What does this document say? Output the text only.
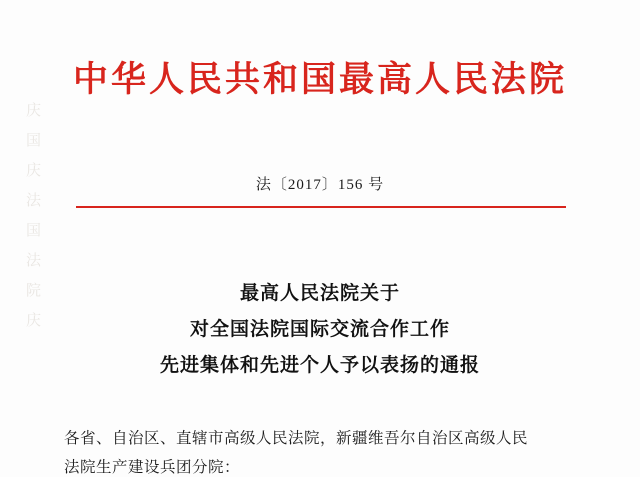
庆
国
庆
法
国
法
院
庆
中华人民共和国最高人民法院
法〔2017〕156 号
最高人民法院关于
对全国法院国际交流合作工作
先进集体和先进个人予以表扬的通报

各省、自治区、直辖市高级人民法院，新疆维吾尔自治区高级人民

法院生产建设兵团分院：
